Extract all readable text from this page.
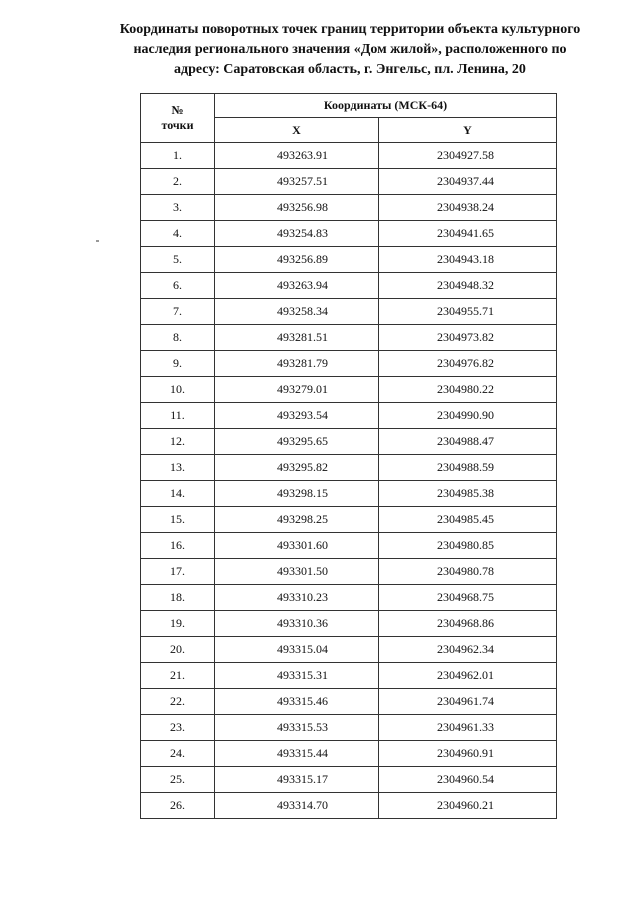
Координаты поворотных точек границ территории объекта культурного
наследия регионального значения «Дом жилой», расположенного по
адресу: Саратовская область, г. Энгельс, пл. Ленина, 20
№
точки	Координаты (МСК-64)	
	X	Y
1.	493263.91	2304927.58
2.	493257.51	2304937.44
3.	493256.98	2304938.24
4.	493254.83	2304941.65
5.	493256.89	2304943.18
6.	493263.94	2304948.32
7.	493258.34	2304955.71
8.	493281.51	2304973.82
9.	493281.79	2304976.82
10.	493279.01	2304980.22
11.	493293.54	2304990.90
12.	493295.65	2304988.47
13.	493295.82	2304988.59
14.	493298.15	2304985.38
15.	493298.25	2304985.45
16.	493301.60	2304980.85
17.	493301.50	2304980.78
18.	493310.23	2304968.75
19.	493310.36	2304968.86
20.	493315.04	2304962.34
21.	493315.31	2304962.01
22.	493315.46	2304961.74
23.	493315.53	2304961.33
24.	493315.44	2304960.91
25.	493315.17	2304960.54
26.	493314.70	2304960.21
